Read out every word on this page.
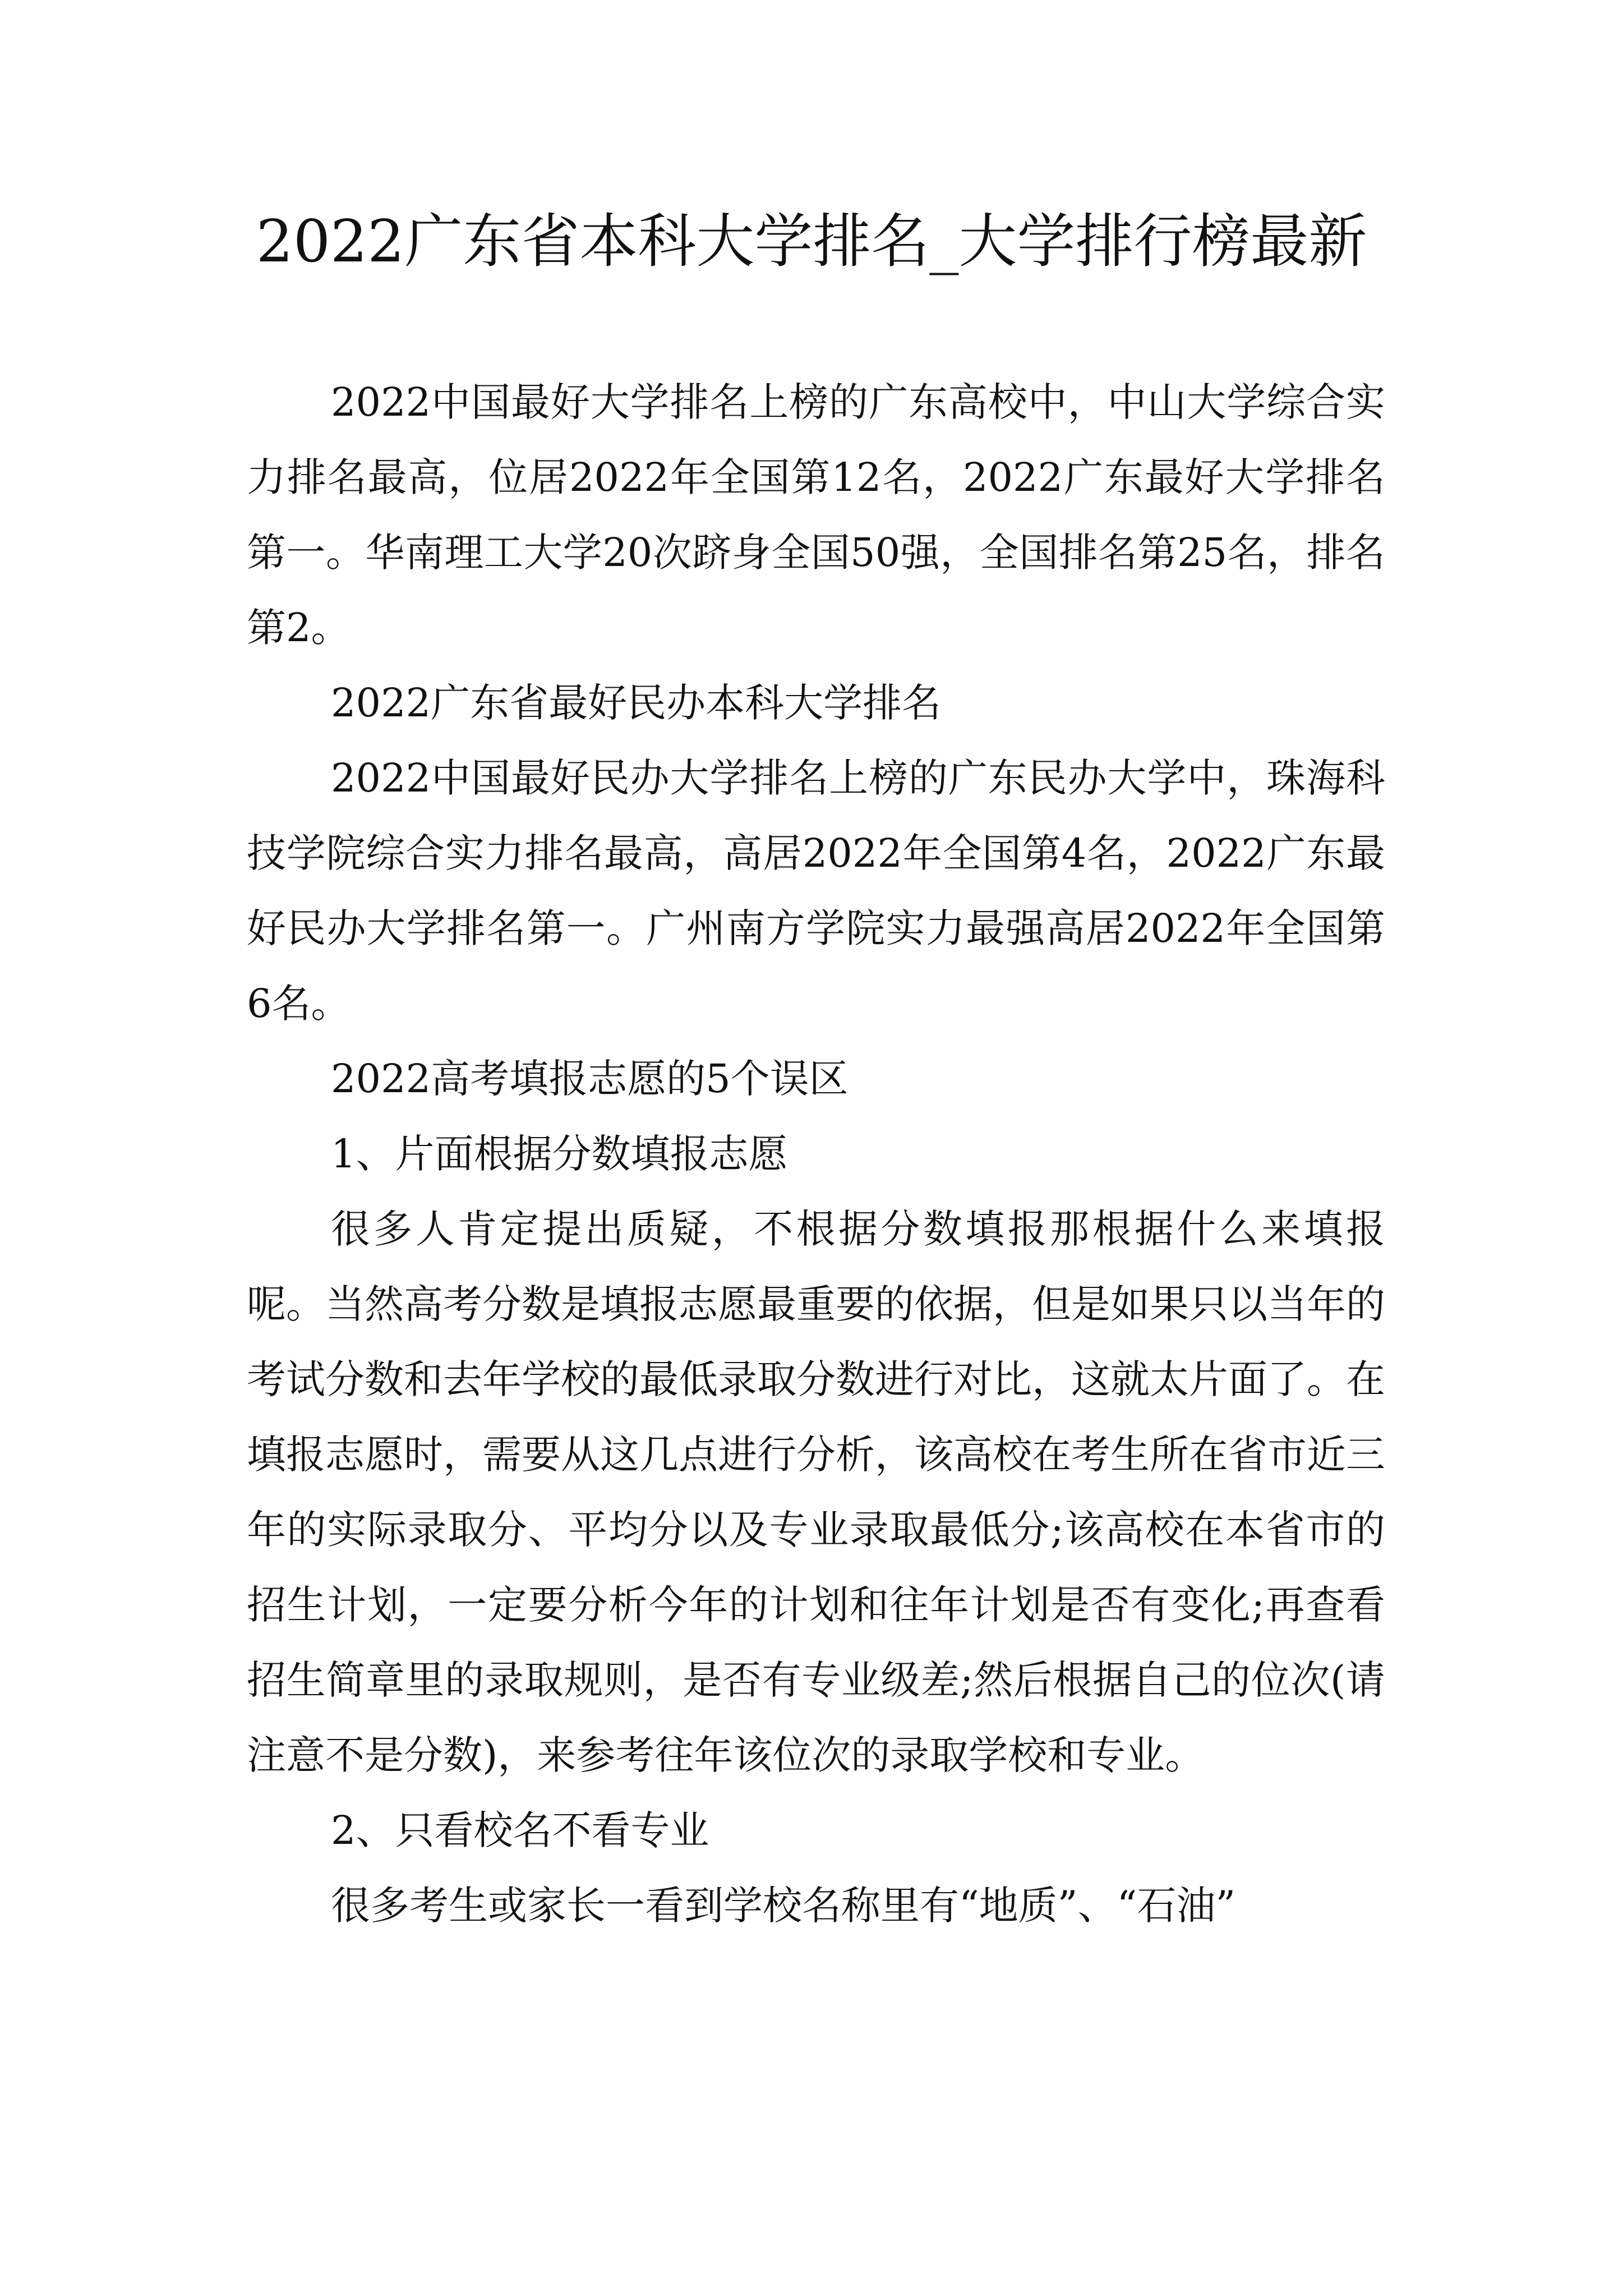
2022广东省本科大学排名_大学排行榜最新

2022中国最好大学排名上榜的广东高校中，中山大学综合实力排名最高，位居2022年全国第12名，2022广东最好大学排名第一。华南理工大学20次跻身全国50强，全国排名第25名，排名第2。

2022广东省最好民办本科大学排名

2022中国最好民办大学排名上榜的广东民办大学中，珠海科技学院综合实力排名最高，高居2022年全国第4名，2022广东最好民办大学排名第一。广州南方学院实力最强高居2022年全国第6名。

2022高考填报志愿的5个误区

1、片面根据分数填报志愿

很多人肯定提出质疑，不根据分数填报那根据什么来填报呢。当然高考分数是填报志愿最重要的依据，但是如果只以当年的考试分数和去年学校的最低录取分数进行对比，这就太片面了。在填报志愿时，需要从这几点进行分析，该高校在考生所在省市近三年的实际录取分、平均分以及专业录取最低分;该高校在本省市的招生计划，一定要分析今年的计划和往年计划是否有变化;再查看招生简章里的录取规则，是否有专业级差;然后根据自己的位次(请注意不是分数)，来参考往年该位次的录取学校和专业。

2、只看校名不看专业

很多考生或家长一看到学校名称里有“地质”、“石油”
